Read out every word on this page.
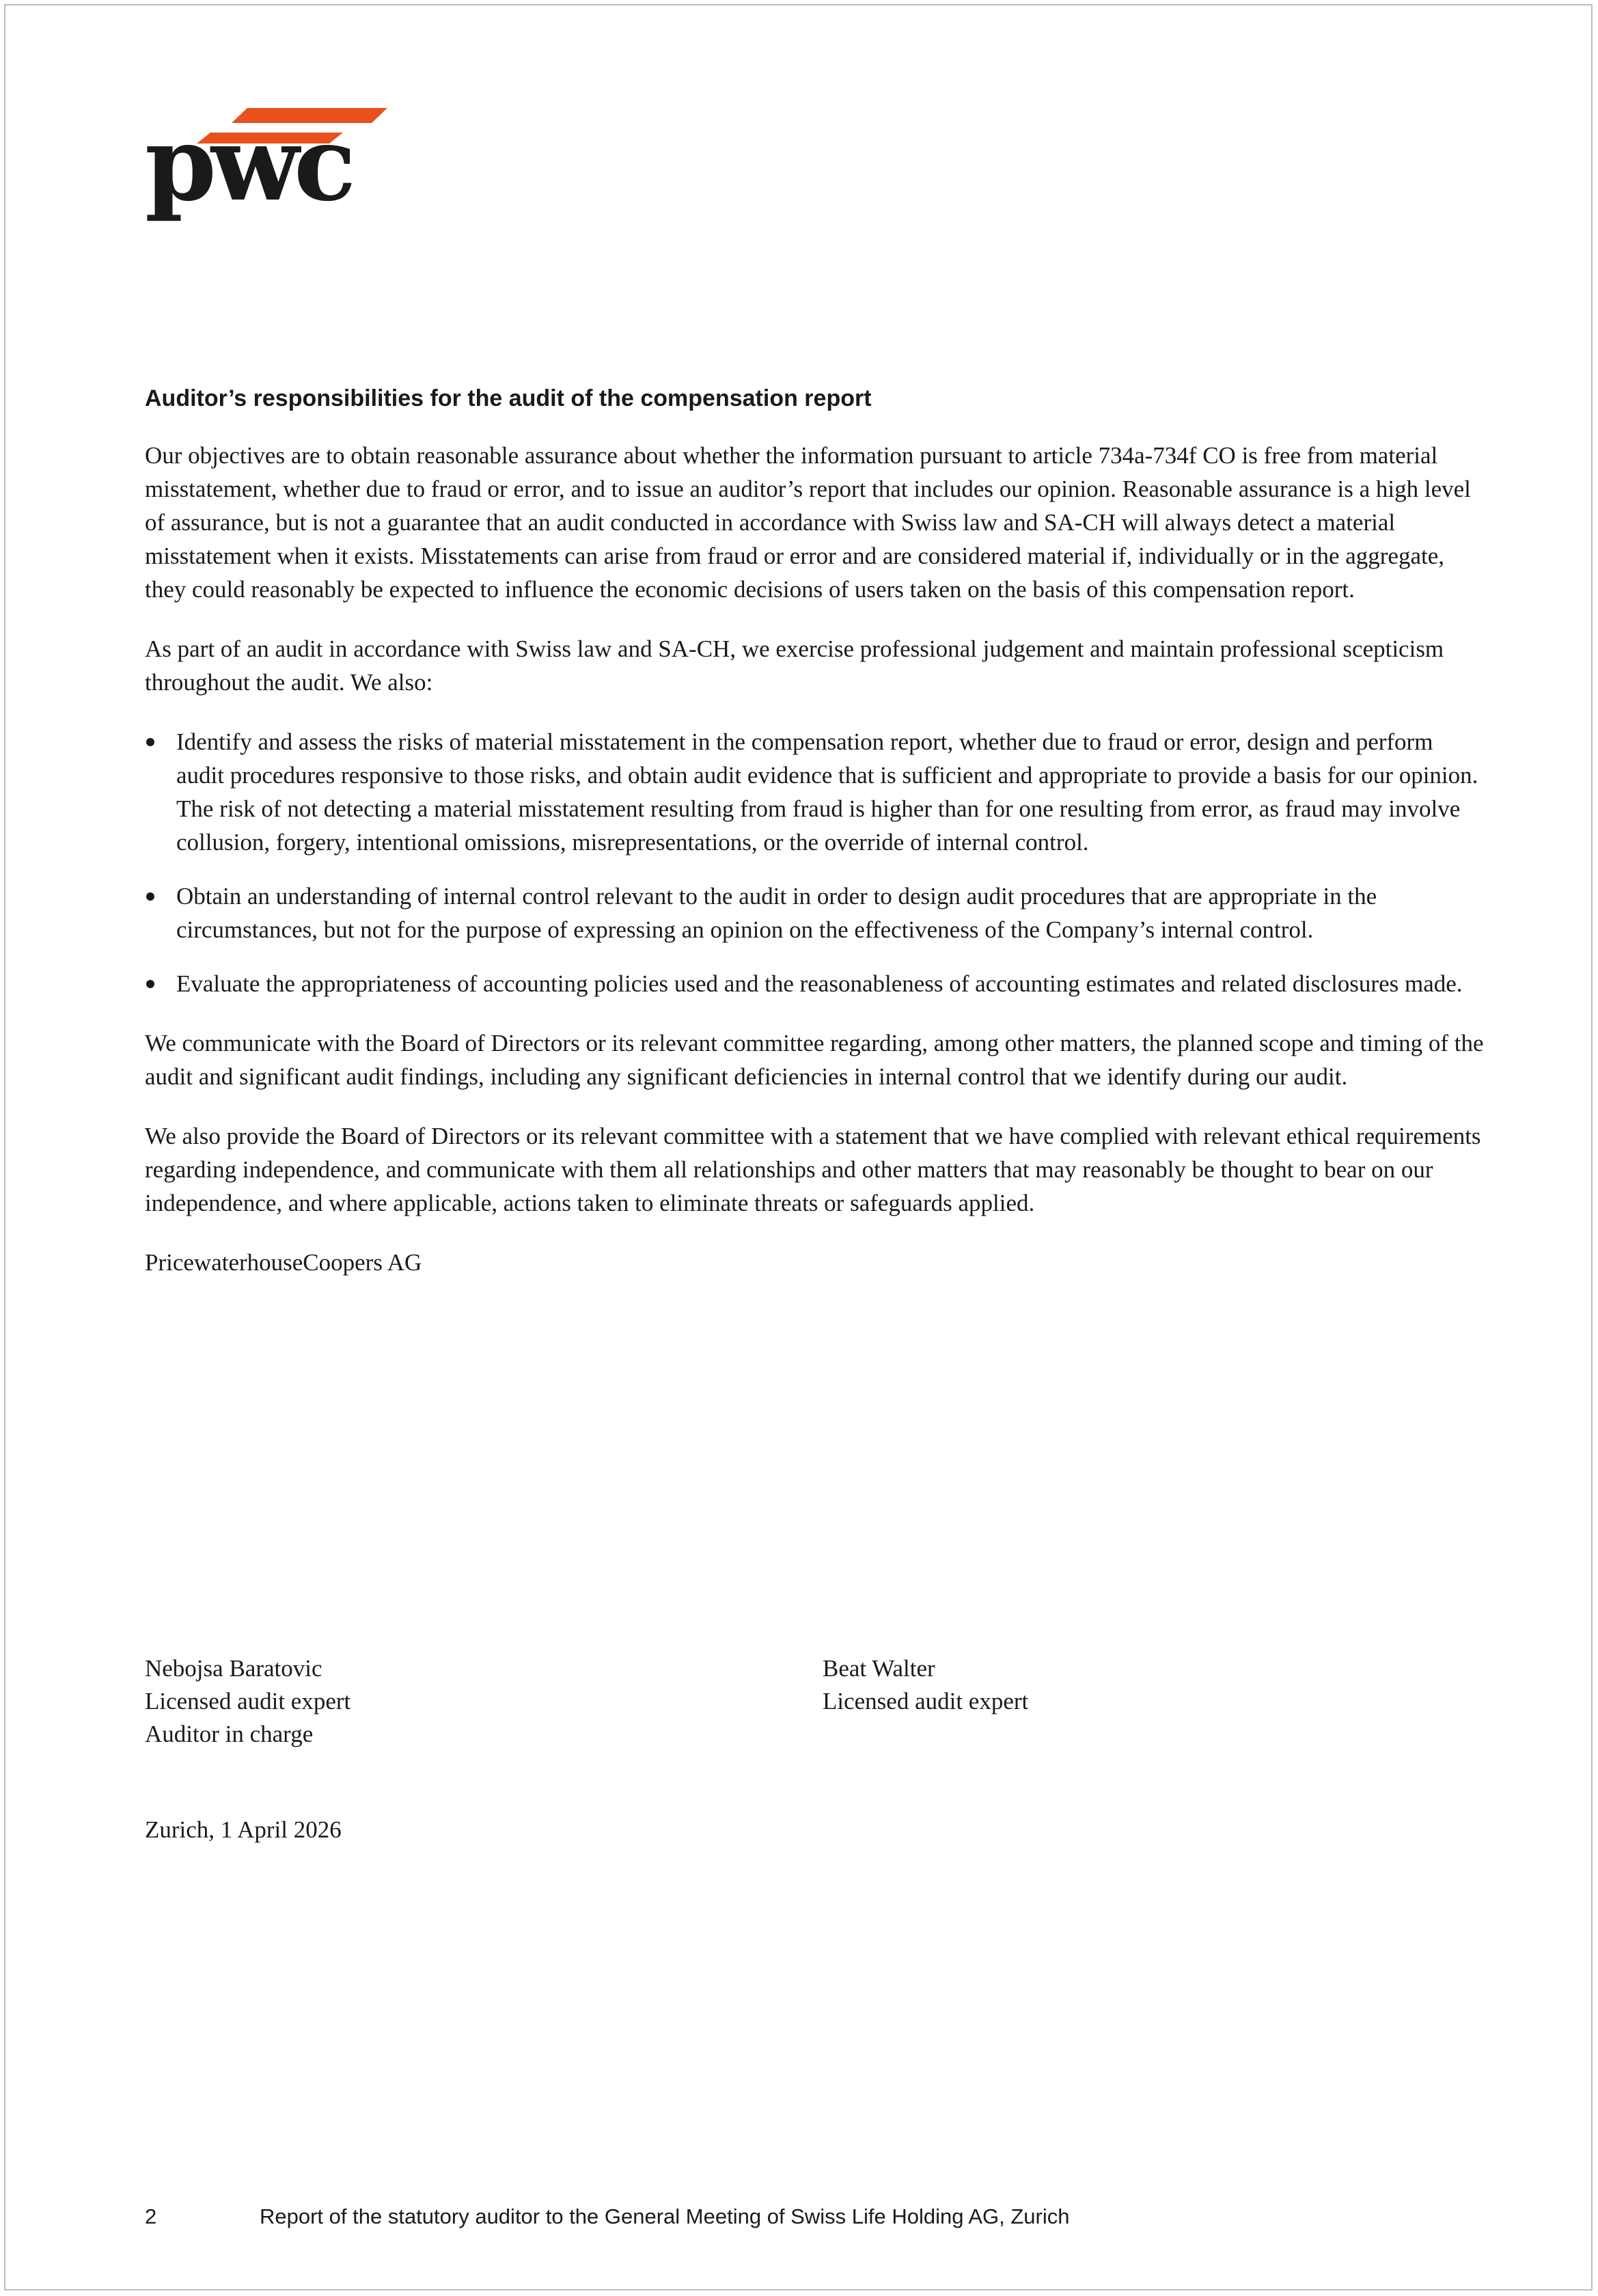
pwc
Auditor’s responsibilities for the audit of the compensation report

Our objectives are to obtain reasonable assurance about whether the information pursuant to article 734a-734f CO is free from material misstatement, whether due to fraud or error, and to issue an auditor’s report that includes our opinion. Reasonable assurance is a high level of assurance, but is not a guarantee that an audit conducted in accordance with Swiss law and SA-CH will always detect a material misstatement when it exists. Misstatements can arise from fraud or error and are considered material if, individually or in the aggregate, they could reasonably be expected to influence the economic decisions of users taken on the basis of this compensation report.

As part of an audit in accordance with Swiss law and SA-CH, we exercise professional judgement and maintain professional scepticism throughout the audit. We also:

Identify and assess the risks of material misstatement in the compensation report, whether due to fraud or error, design and perform audit procedures responsive to those risks, and obtain audit evidence that is sufficient and appropriate to provide a basis for our opinion. The risk of not detecting a material misstatement resulting from fraud is higher than for one resulting from error, as fraud may involve collusion, forgery, intentional omissions, misrepresentations, or the override of internal control.
Obtain an understanding of internal control relevant to the audit in order to design audit procedures that are appropriate in the circumstances, but not for the purpose of expressing an opinion on the effectiveness of the Company’s internal control.
Evaluate the appropriateness of accounting policies used and the reasonableness of accounting estimates and related disclosures made.

We communicate with the Board of Directors or its relevant committee regarding, among other matters, the planned scope and timing of the audit and significant audit findings, including any significant deficiencies in internal control that we identify during our audit.

We also provide the Board of Directors or its relevant committee with a statement that we have complied with relevant ethical requirements regarding independence, and communicate with them all relationships and other matters that may reasonably be thought to bear on our independence, and where applicable, actions taken to eliminate threats or safeguards applied.

PricewaterhouseCoopers AG

Nebojsa Baratovic
Licensed audit expert
Auditor in charge
Beat Walter
Licensed audit expert
Zurich, 1 April 2026
2	Report of the statutory auditor to the General Meeting of Swiss Life Holding AG, Zurich
